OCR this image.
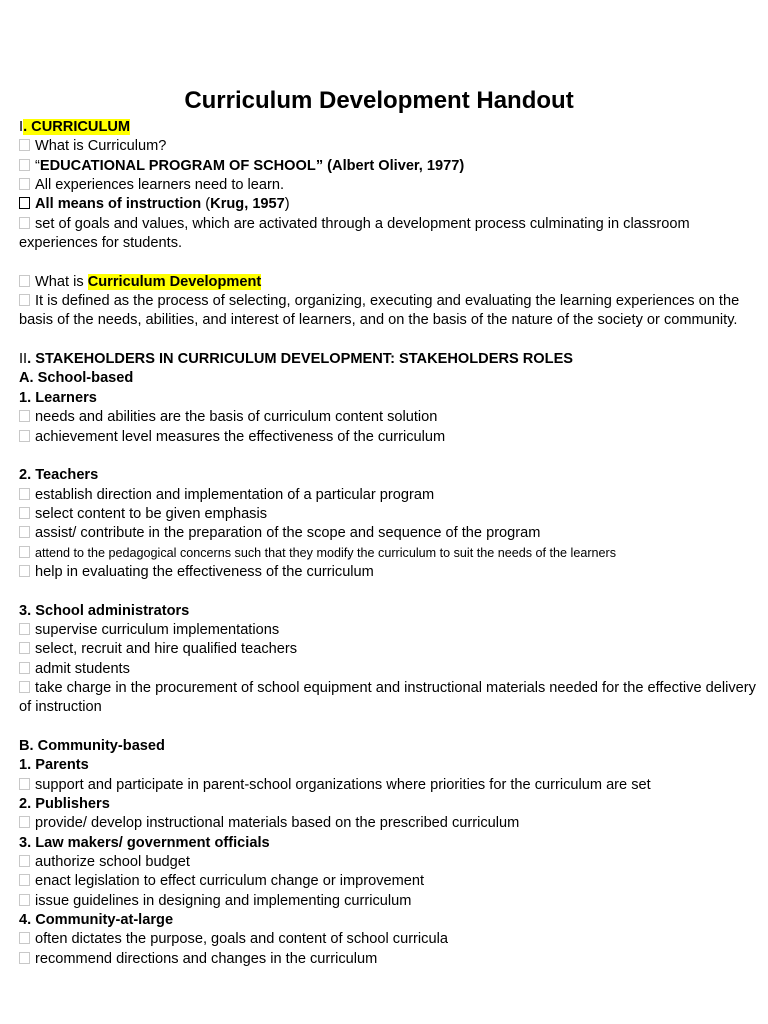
Curriculum Development Handout

I. CURRICULUM

What is Curriculum?

“EDUCATIONAL PROGRAM OF SCHOOL” (Albert Oliver, 1977)

All experiences learners need to learn.

All means of instruction (Krug, 1957)

set of goals and values, which are activated through a development process culminating in classroom experiences for students.

What is Curriculum Development

It is defined as the process of selecting, organizing, executing and evaluating the learning experiences on the basis of the needs, abilities, and interest of learners, and on the basis of the nature of the society or community.

II. STAKEHOLDERS IN CURRICULUM DEVELOPMENT: STAKEHOLDERS ROLES

A. School-based

1. Learners

needs and abilities are the basis of curriculum content solution

achievement level measures the effectiveness of the curriculum

2. Teachers

establish direction and implementation of a particular program

select content to be given emphasis

assist/ contribute in the preparation of the scope and sequence of the program

attend to the pedagogical concerns such that they modify the curriculum to suit the needs of the learners

help in evaluating the effectiveness of the curriculum

3. School administrators

supervise curriculum implementations

select, recruit and hire qualified teachers

admit students

take charge in the procurement of school equipment and instructional materials needed for the effective delivery of instruction

B. Community-based

1. Parents

support and participate in parent-school organizations where priorities for the curriculum are set

2. Publishers

provide/ develop instructional materials based on the prescribed curriculum

3. Law makers/ government officials

authorize school budget

enact legislation to effect curriculum change or improvement

issue guidelines in designing and implementing curriculum

4. Community-at-large

often dictates the purpose, goals and content of school curricula

recommend directions and changes in the curriculum
